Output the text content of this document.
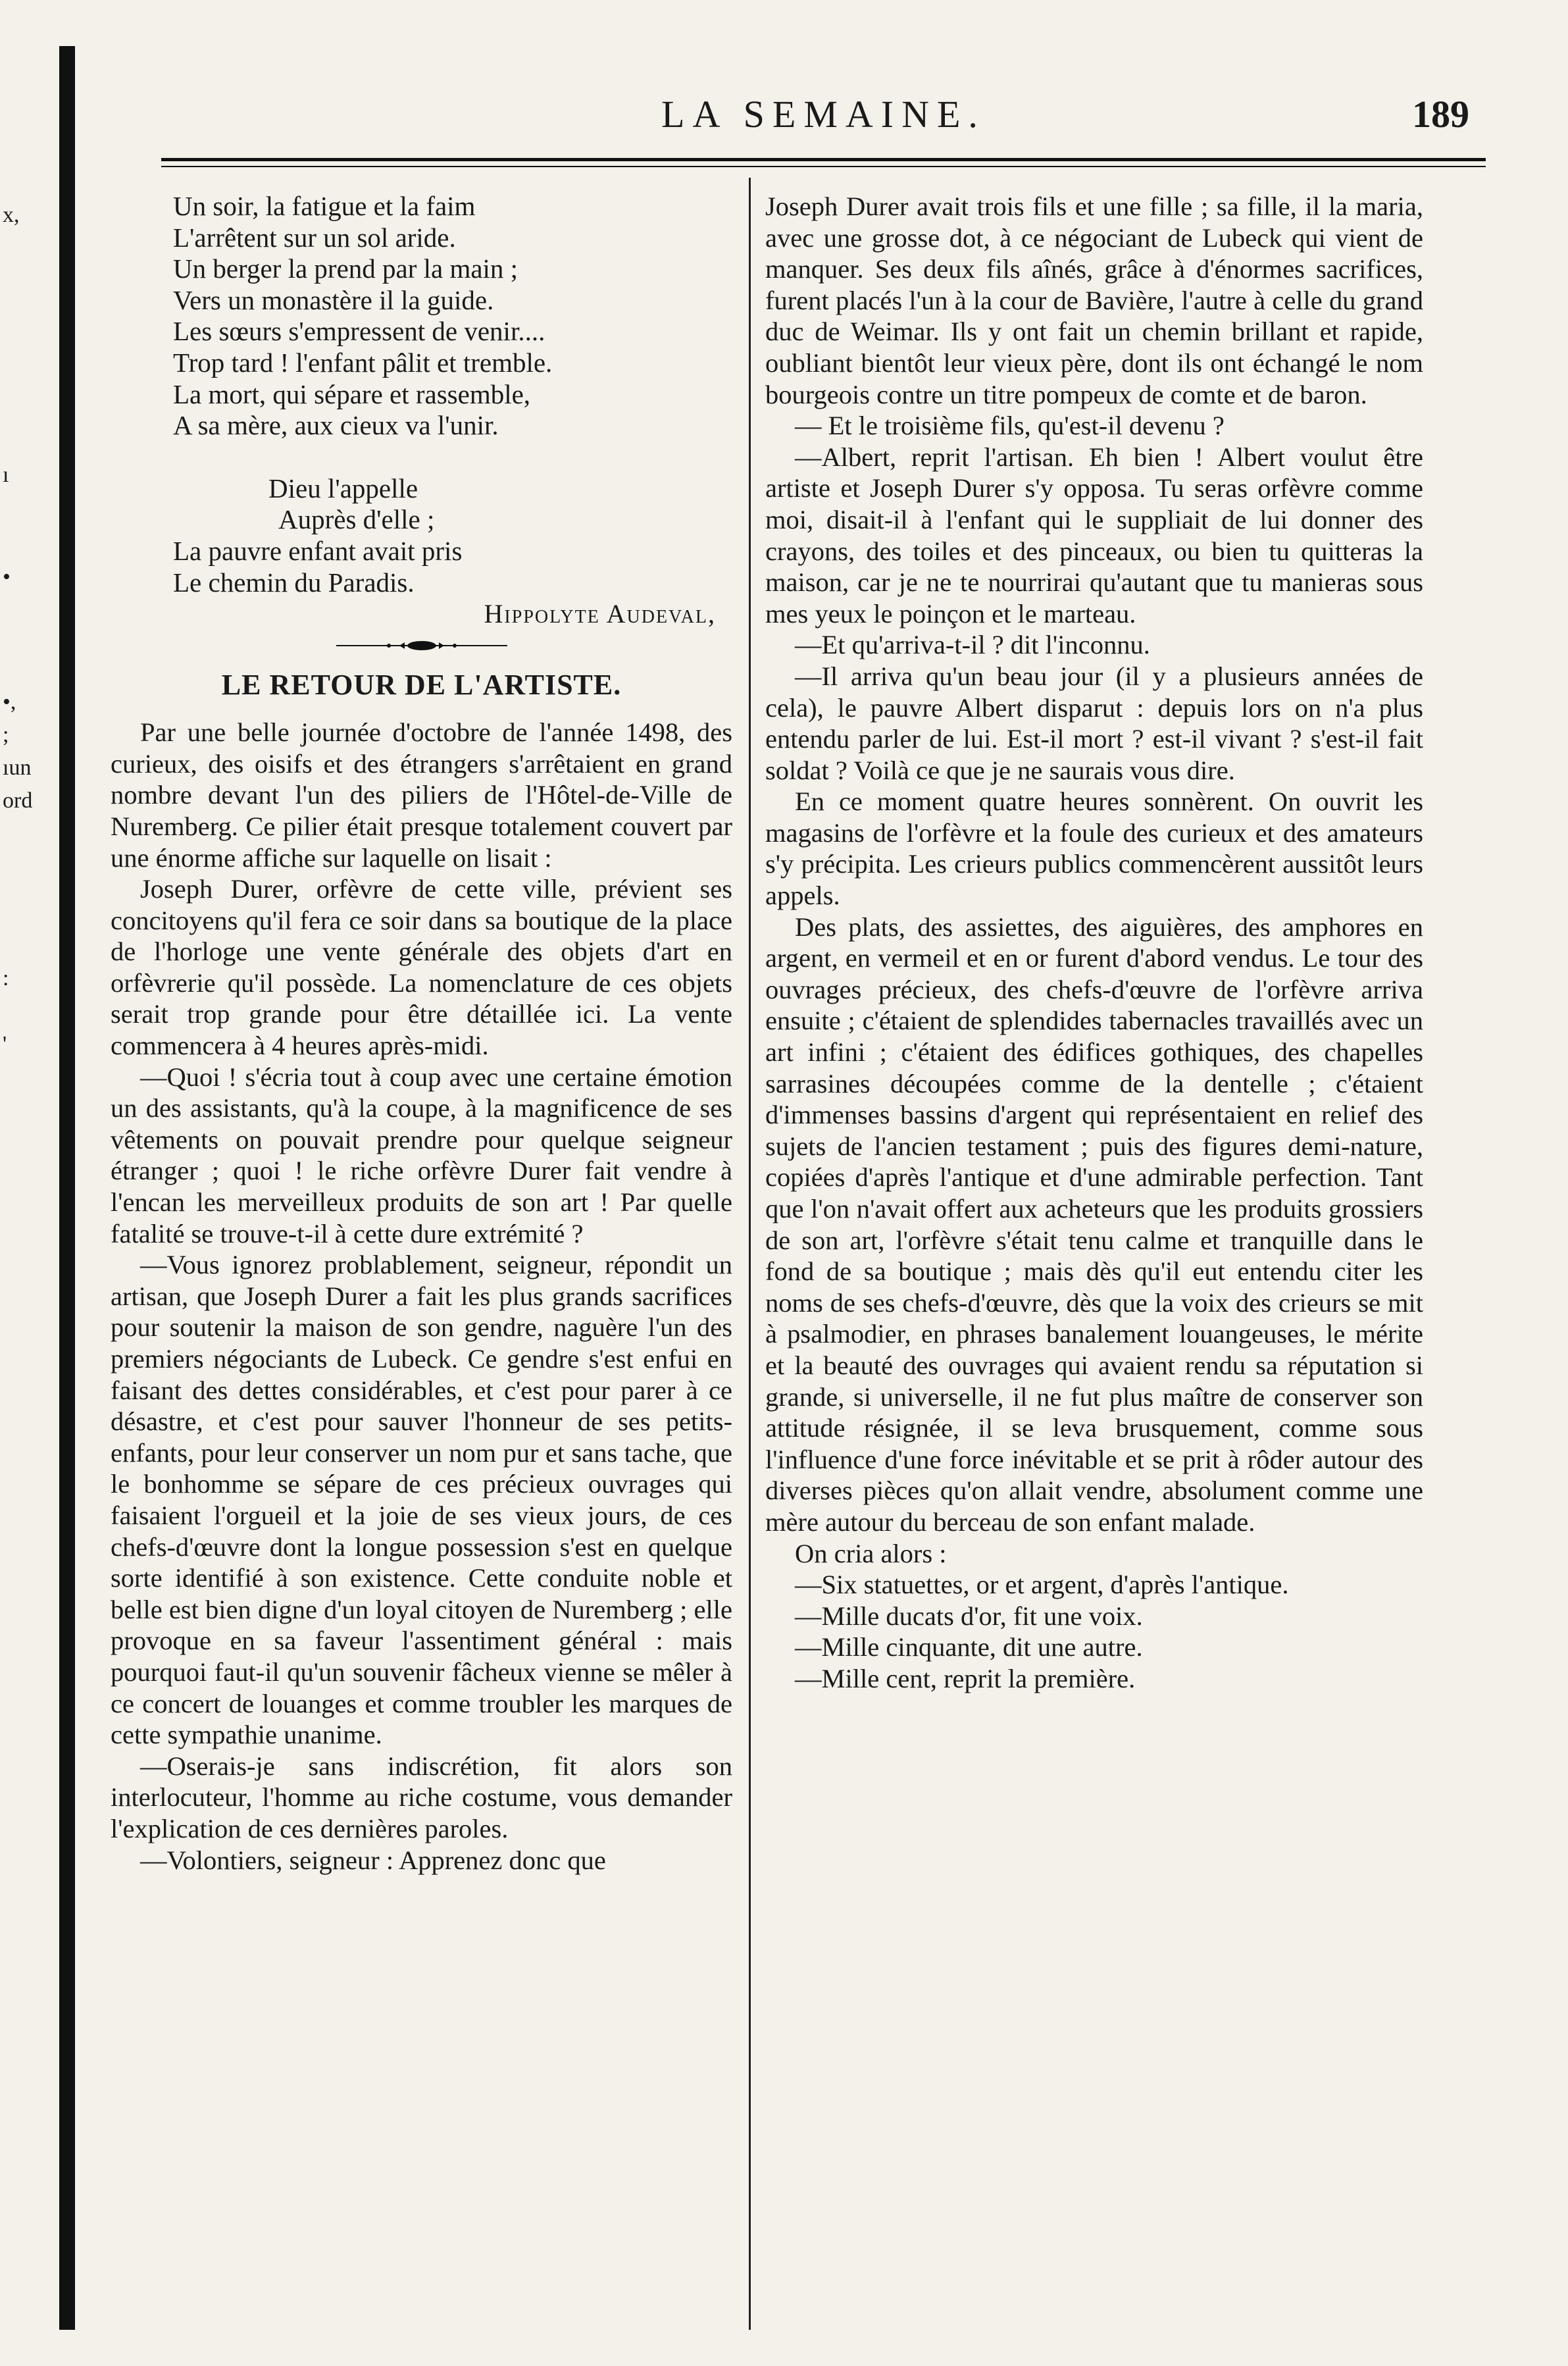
x,
ı
•
•,
;
ıun
ord
:
'
LA SEMAINE.	189
Un soir, la fatigue et la faim
L'arrêtent sur un sol aride.
Un berger la prend par la main ;
Vers un monastère il la guide.
Les sœurs s'empressent de venir....
Trop tard ! l'enfant pâlit et tremble.
La mort, qui sépare et rassemble,
A sa mère, aux cieux va l'unir.
Dieu l'appelle
Auprès d'elle ;
La pauvre enfant avait pris
Le chemin du Paradis.
Hippolyte Audeval,
LE RETOUR DE L'ARTISTE.

Par une belle journée d'octobre de l'année 1498, des curieux, des oisifs et des étrangers s'arrêtaient en grand nombre devant l'un des piliers de l'Hôtel-de-Ville de Nuremberg. Ce pilier était presque totalement couvert par une énorme affiche sur laquelle on lisait :

Joseph Durer, orfèvre de cette ville, prévient ses concitoyens qu'il fera ce soir dans sa boutique de la place de l'horloge une vente générale des objets d'art en orfèvrerie qu'il possède. La nomenclature de ces objets serait trop grande pour être détaillée ici. La vente commencera à 4 heures après-midi.

—Quoi ! s'écria tout à coup avec une certaine émotion un des assistants, qu'à la coupe, à la magnificence de ses vêtements on pouvait prendre pour quelque seigneur étranger ; quoi ! le riche orfèvre Durer fait vendre à l'encan les merveilleux produits de son art ! Par quelle fatalité se trouve-t-il à cette dure extrémité ?

—Vous ignorez problablement, seigneur, répondit un artisan, que Joseph Durer a fait les plus grands sacrifices pour soutenir la maison de son gendre, naguère l'un des premiers négociants de Lubeck. Ce gendre s'est enfui en faisant des dettes considérables, et c'est pour parer à ce désastre, et c'est pour sauver l'honneur de ses petits-enfants, pour leur conserver un nom pur et sans tache, que le bonhomme se sépare de ces précieux ouvrages qui faisaient l'orgueil et la joie de ses vieux jours, de ces chefs-d'œuvre dont la longue possession s'est en quelque sorte identifié à son existence. Cette conduite noble et belle est bien digne d'un loyal citoyen de Nuremberg ; elle provoque en sa faveur l'assentiment général : mais pourquoi faut-il qu'un souvenir fâcheux vienne se mêler à ce concert de louanges et comme troubler les marques de cette sympathie unanime.

—Oserais-je sans indiscrétion, fit alors son interlocuteur, l'homme au riche costume, vous demander l'explication de ces dernières paroles.

—Volontiers, seigneur : Apprenez donc que

Joseph Durer avait trois fils et une fille ; sa fille, il la maria, avec une grosse dot, à ce négociant de Lubeck qui vient de manquer. Ses deux fils aînés, grâce à d'énormes sacrifices, furent placés l'un à la cour de Bavière, l'autre à celle du grand duc de Weimar. Ils y ont fait un chemin brillant et rapide, oubliant bientôt leur vieux père, dont ils ont échangé le nom bourgeois contre un titre pompeux de comte et de baron.

— Et le troisième fils, qu'est-il devenu ?

—Albert, reprit l'artisan. Eh bien ! Albert voulut être artiste et Joseph Durer s'y opposa. Tu seras orfèvre comme moi, disait-il à l'enfant qui le suppliait de lui donner des crayons, des toiles et des pinceaux, ou bien tu quitteras la maison, car je ne te nourrirai qu'autant que tu manieras sous mes yeux le poinçon et le marteau.

—Et qu'arriva-t-il ? dit l'inconnu.

—Il arriva qu'un beau jour (il y a plusieurs années de cela), le pauvre Albert disparut : depuis lors on n'a plus entendu parler de lui. Est-il mort ? est-il vivant ? s'est-il fait soldat ? Voilà ce que je ne saurais vous dire.

En ce moment quatre heures sonnèrent. On ouvrit les magasins de l'orfèvre et la foule des curieux et des amateurs s'y précipita. Les crieurs publics commencèrent aussitôt leurs appels.

Des plats, des assiettes, des aiguières, des amphores en argent, en vermeil et en or furent d'abord vendus. Le tour des ouvrages précieux, des chefs-d'œuvre de l'orfèvre arriva ensuite ; c'étaient de splendides tabernacles travaillés avec un art infini ; c'étaient des édifices gothiques, des chapelles sarrasines découpées comme de la dentelle ; c'étaient d'immenses bassins d'argent qui représentaient en relief des sujets de l'ancien testament ; puis des figures demi-nature, copiées d'après l'antique et d'une admirable perfection. Tant que l'on n'avait offert aux acheteurs que les produits grossiers de son art, l'orfèvre s'était tenu calme et tranquille dans le fond de sa boutique ; mais dès qu'il eut entendu citer les noms de ses chefs-d'œuvre, dès que la voix des crieurs se mit à psalmodier, en phrases banalement louangeuses, le mérite et la beauté des ouvrages qui avaient rendu sa réputation si grande, si universelle, il ne fut plus maître de conserver son attitude résignée, il se leva brusquement, comme sous l'influence d'une force inévitable et se prit à rôder autour des diverses pièces qu'on allait vendre, absolument comme une mère autour du berceau de son enfant malade.

On cria alors :

—Six statuettes, or et argent, d'après l'antique.

—Mille ducats d'or, fit une voix.

—Mille cinquante, dit une autre.

—Mille cent, reprit la première.
